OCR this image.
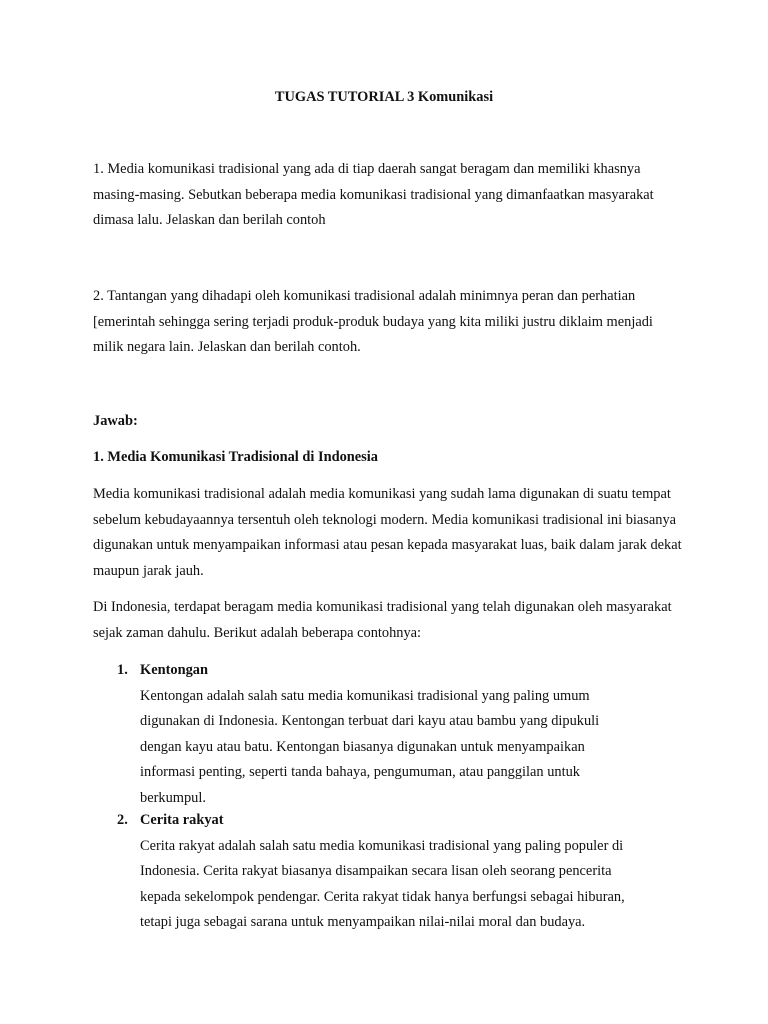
TUGAS TUTORIAL 3 Komunikasi

1. Media komunikasi tradisional yang ada di tiap daerah sangat beragam dan memiliki khasnya masing-masing. Sebutkan beberapa media komunikasi tradisional yang dimanfaatkan masyarakat dimasa lalu. Jelaskan dan berilah contoh

2. Tantangan yang dihadapi oleh komunikasi tradisional adalah minimnya peran dan perhatian [emerintah sehingga sering terjadi produk-produk budaya yang kita miliki justru diklaim menjadi milik negara lain. Jelaskan dan berilah contoh.

Jawab:

1. Media Komunikasi Tradisional di Indonesia

Media komunikasi tradisional adalah media komunikasi yang sudah lama digunakan di suatu tempat sebelum kebudayaannya tersentuh oleh teknologi modern. Media komunikasi tradisional ini biasanya digunakan untuk menyampaikan informasi atau pesan kepada masyarakat luas, baik dalam jarak dekat maupun jarak jauh.

Di Indonesia, terdapat beragam media komunikasi tradisional yang telah digunakan oleh masyarakat sejak zaman dahulu. Berikut adalah beberapa contohnya:

1. Kentongan

Kentongan adalah salah satu media komunikasi tradisional yang paling umum digunakan di Indonesia. Kentongan terbuat dari kayu atau bambu yang dipukuli dengan kayu atau batu. Kentongan biasanya digunakan untuk menyampaikan informasi penting, seperti tanda bahaya, pengumuman, atau panggilan untuk berkumpul.

2. Cerita rakyat

Cerita rakyat adalah salah satu media komunikasi tradisional yang paling populer di Indonesia. Cerita rakyat biasanya disampaikan secara lisan oleh seorang pencerita kepada sekelompok pendengar. Cerita rakyat tidak hanya berfungsi sebagai hiburan, tetapi juga sebagai sarana untuk menyampaikan nilai-nilai moral dan budaya.
